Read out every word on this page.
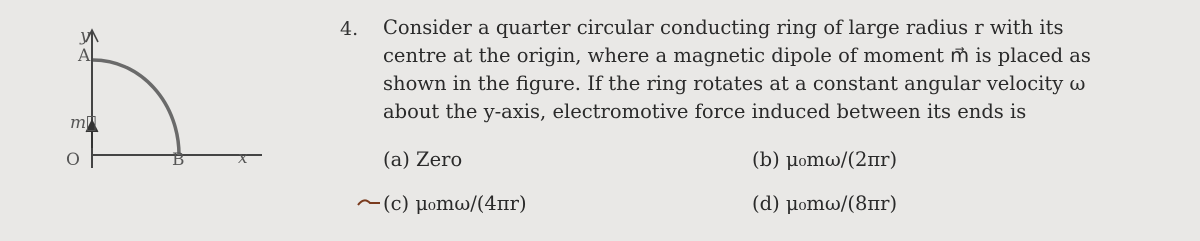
y
A
m⃗
O	B	x
4. Consider a quarter circular conducting ring of large radius r with its
centre at the origin, where a magnetic dipole of moment m⃗ is placed as
shown in the figure. If the ring rotates at a constant angular velocity ω
about the y-axis, electromotive force induced between its ends is
(a) Zero	(b) μ₀mω/(2πr)
(c) μ₀mω/(4πr)	(d) μ₀mω/(8πr)
